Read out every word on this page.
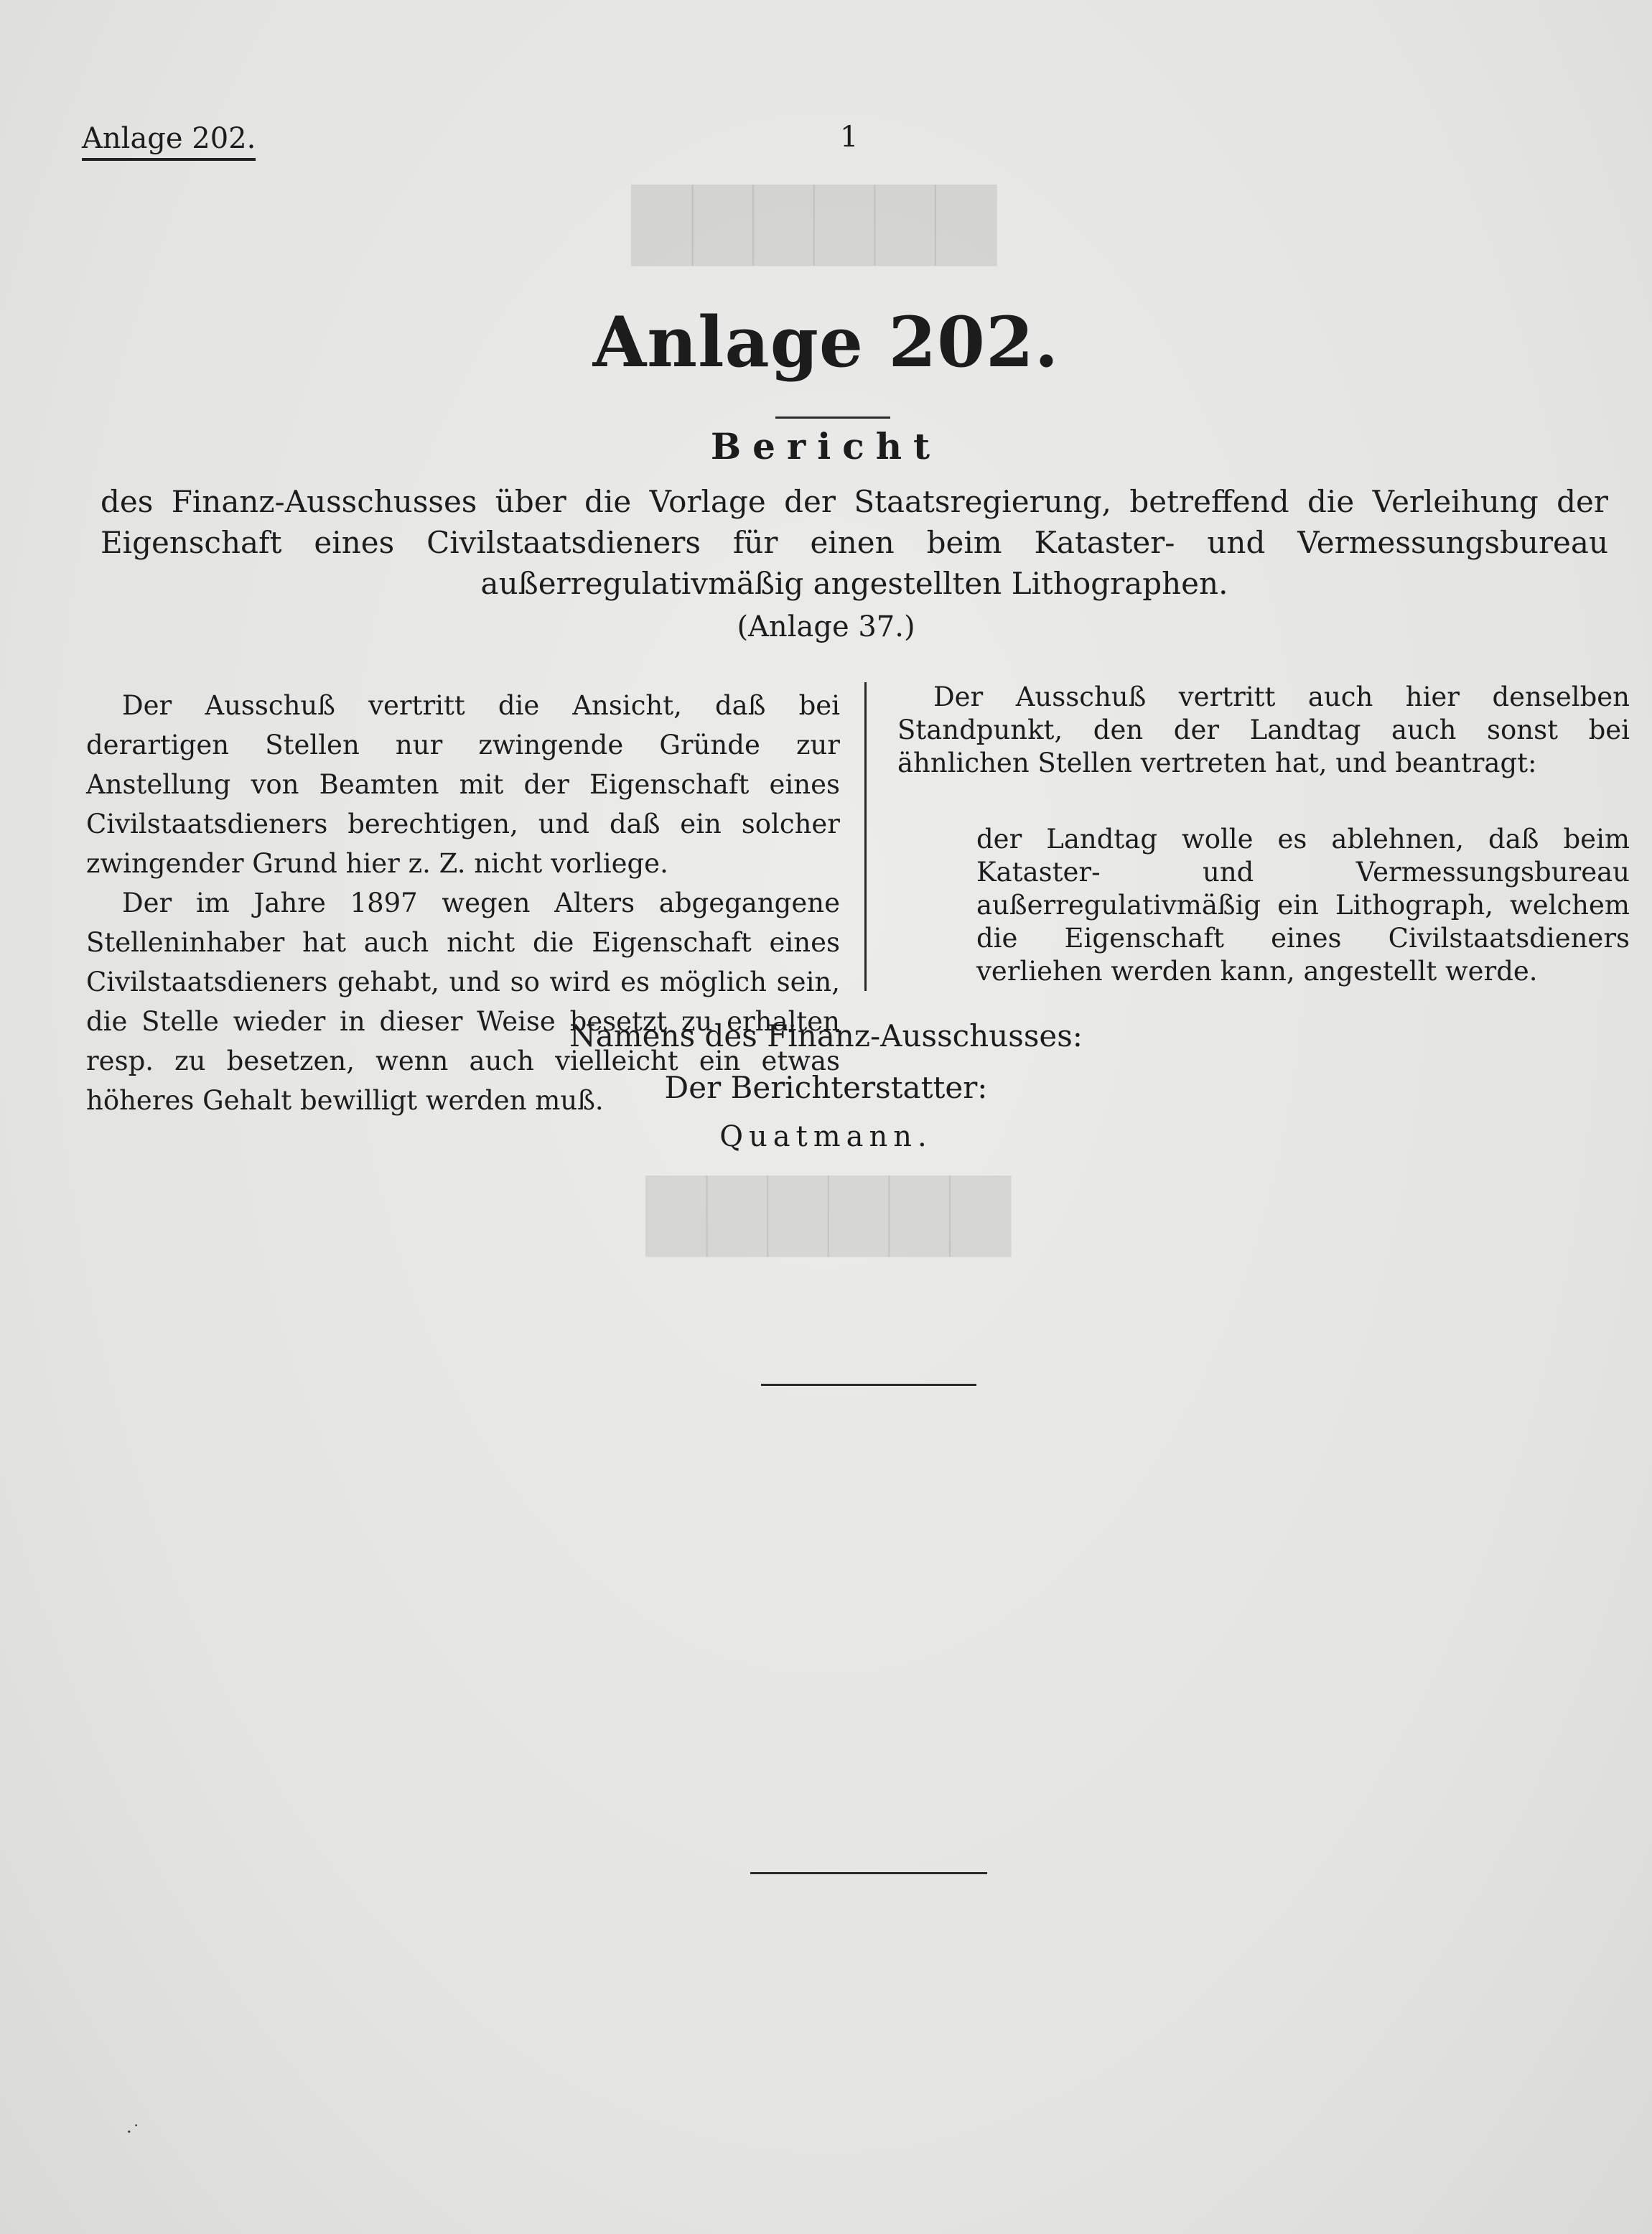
▇▇▇▇▇▇
▇▇▇▇▇▇
Anlage 202.	1
Anlage 202.
Bericht
des Finanz-Ausschusses über die Vorlage der Staatsregierung, betreffend die Verleihung der Eigenschaft eines Civilstaatsdieners für einen beim Kataster- und Vermessungsbureau außerregulativmäßig angestellten Lithographen.
(Anlage 37.)

Der Ausschuß vertritt die Ansicht, daß bei derartigen Stellen nur zwingende Gründe zur Anstellung von Beamten mit der Eigenschaft eines Civilstaatsdieners berechtigen, und daß ein solcher zwingender Grund hier z. Z. nicht vorliege.

Der im Jahre 1897 wegen Alters abgegangene Stelleninhaber hat auch nicht die Eigenschaft eines Civilstaatsdieners gehabt, und so wird es möglich sein, die Stelle wieder in dieser Weise besetzt zu erhalten resp. zu besetzen, wenn auch vielleicht ein etwas höheres Gehalt bewilligt werden muß.

Der Ausschuß vertritt auch hier denselben Standpunkt, den der Landtag auch sonst bei ähnlichen Stellen vertreten hat, und beantragt:

der Landtag wolle es ablehnen, daß beim Kataster- und Vermessungsbureau außerregulativmäßig ein Lithograph, welchem die Eigenschaft eines Civilstaatsdieners verliehen werden kann, angestellt werde.

Namens des Finanz-Ausschusses:
Der Berichterstatter:
Quatmann.
·˙
